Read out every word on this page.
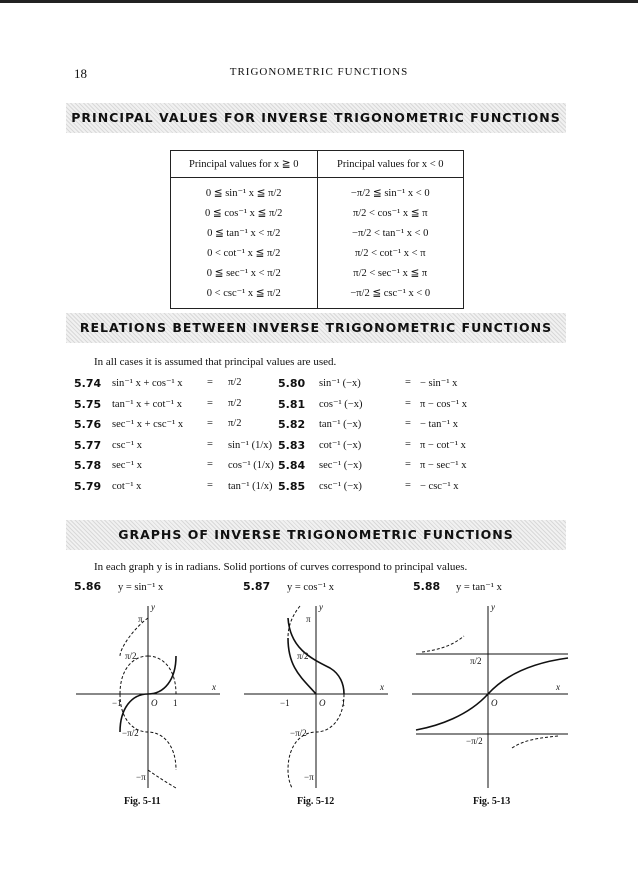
18	TRIGONOMETRIC FUNCTIONS
PRINCIPAL VALUES FOR INVERSE TRIGONOMETRIC FUNCTIONS
Principal values for x ≧ 0	Principal values for x < 0
0 ≦ sin⁻¹ x ≦ π/2	−π/2 ≦ sin⁻¹ x < 0
0 ≦ cos⁻¹ x ≦ π/2	π/2 < cos⁻¹ x ≦ π
0 ≦ tan⁻¹ x < π/2	−π/2 < tan⁻¹ x < 0
0 < cot⁻¹ x ≦ π/2	π/2 < cot⁻¹ x < π
0 ≦ sec⁻¹ x < π/2	π/2 < sec⁻¹ x ≦ π
0 < csc⁻¹ x ≦ π/2	−π/2 ≦ csc⁻¹ x < 0
RELATIONS BETWEEN INVERSE TRIGONOMETRIC FUNCTIONS
In all cases it is assumed that principal values are used.
5.74 sin⁻¹ x + cos⁻¹ x = π/2
5.75 tan⁻¹ x + cot⁻¹ x = π/2
5.76 sec⁻¹ x + csc⁻¹ x = π/2
5.77 csc⁻¹ x	= sin⁻¹ (1/x)
5.78 sec⁻¹ x	= cos⁻¹ (1/x)
5.79 cot⁻¹ x	= tan⁻¹ (1/x)
5.80 sin⁻¹ (−x)	= − sin⁻¹ x
5.81 cos⁻¹ (−x)	= π − cos⁻¹ x
5.82 tan⁻¹ (−x)	= − tan⁻¹ x
5.83 cot⁻¹ (−x)	= π − cot⁻¹ x
5.84 sec⁻¹ (−x)	= π − sec⁻¹ x
5.85 csc⁻¹ (−x)	= − csc⁻¹ x
GRAPHS OF INVERSE TRIGONOMETRIC FUNCTIONS
In each graph y is in radians. Solid portions of curves correspond to principal values.
5.86 y = sin⁻¹ x	5.87 y = cos⁻¹ x	5.88 y = tan⁻¹ x
y
x
π
π/2
−1	O 1
−π/2
−π
Fig. 5-11
y
x
π
π/2
−1	O 1
−π/2
−π
Fig. 5-12
y
x
π/2
O
−π/2
Fig. 5-13
